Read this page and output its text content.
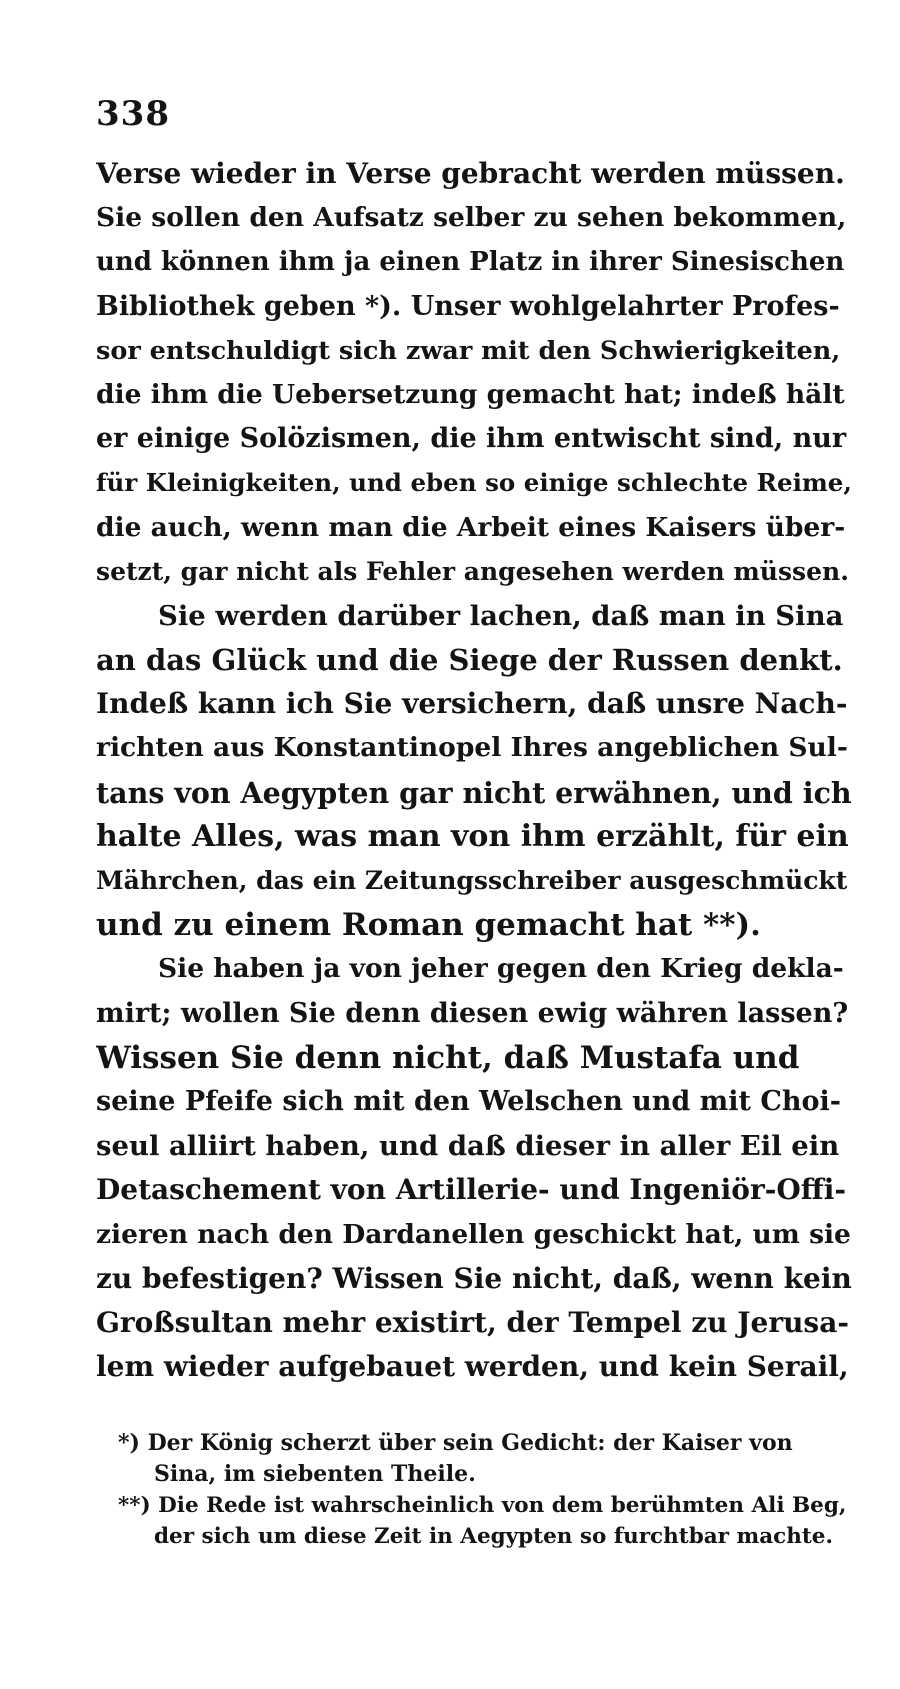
338
Verse wieder in Verse gebracht werden müssen.
Sie sollen den Aufsatz selber zu sehen bekommen,
und können ihm ja einen Platz in ihrer Sinesischen
Bibliothek geben *). Unser wohlgelahrter Profes-
sor entschuldigt sich zwar mit den Schwierigkeiten,
die ihm die Uebersetzung gemacht hat; indeß hält
er einige Solözismen, die ihm entwischt sind, nur
für Kleinigkeiten, und eben so einige schlechte Reime,
die auch, wenn man die Arbeit eines Kaisers über-
setzt, gar nicht als Fehler angesehen werden müssen.
Sie werden darüber lachen, daß man in Sina
an das Glück und die Siege der Russen denkt.
Indeß kann ich Sie versichern, daß unsre Nach-
richten aus Konstantinopel Ihres angeblichen Sul-
tans von Aegypten gar nicht erwähnen, und ich
halte Alles, was man von ihm erzählt, für ein
Mährchen, das ein Zeitungsschreiber ausgeschmückt
und zu einem Roman gemacht hat **).
Sie haben ja von jeher gegen den Krieg dekla-
mirt; wollen Sie denn diesen ewig währen lassen?
Wissen Sie denn nicht, daß Mustafa und
seine Pfeife sich mit den Welschen und mit Choi-
seul alliirt haben, und daß dieser in aller Eil ein
Detaschement von Artillerie- und Ingeniör-Offi-
zieren nach den Dardanellen geschickt hat, um sie
zu befestigen? Wissen Sie nicht, daß, wenn kein
Großsultan mehr existirt, der Tempel zu Jerusa-
lem wieder aufgebauet werden, und kein Serail,
*) Der König scherzt über sein Gedicht: der Kaiser von
Sina, im siebenten Theile.
**) Die Rede ist wahrscheinlich von dem berühmten Ali Beg,
der sich um diese Zeit in Aegypten so furchtbar machte.
